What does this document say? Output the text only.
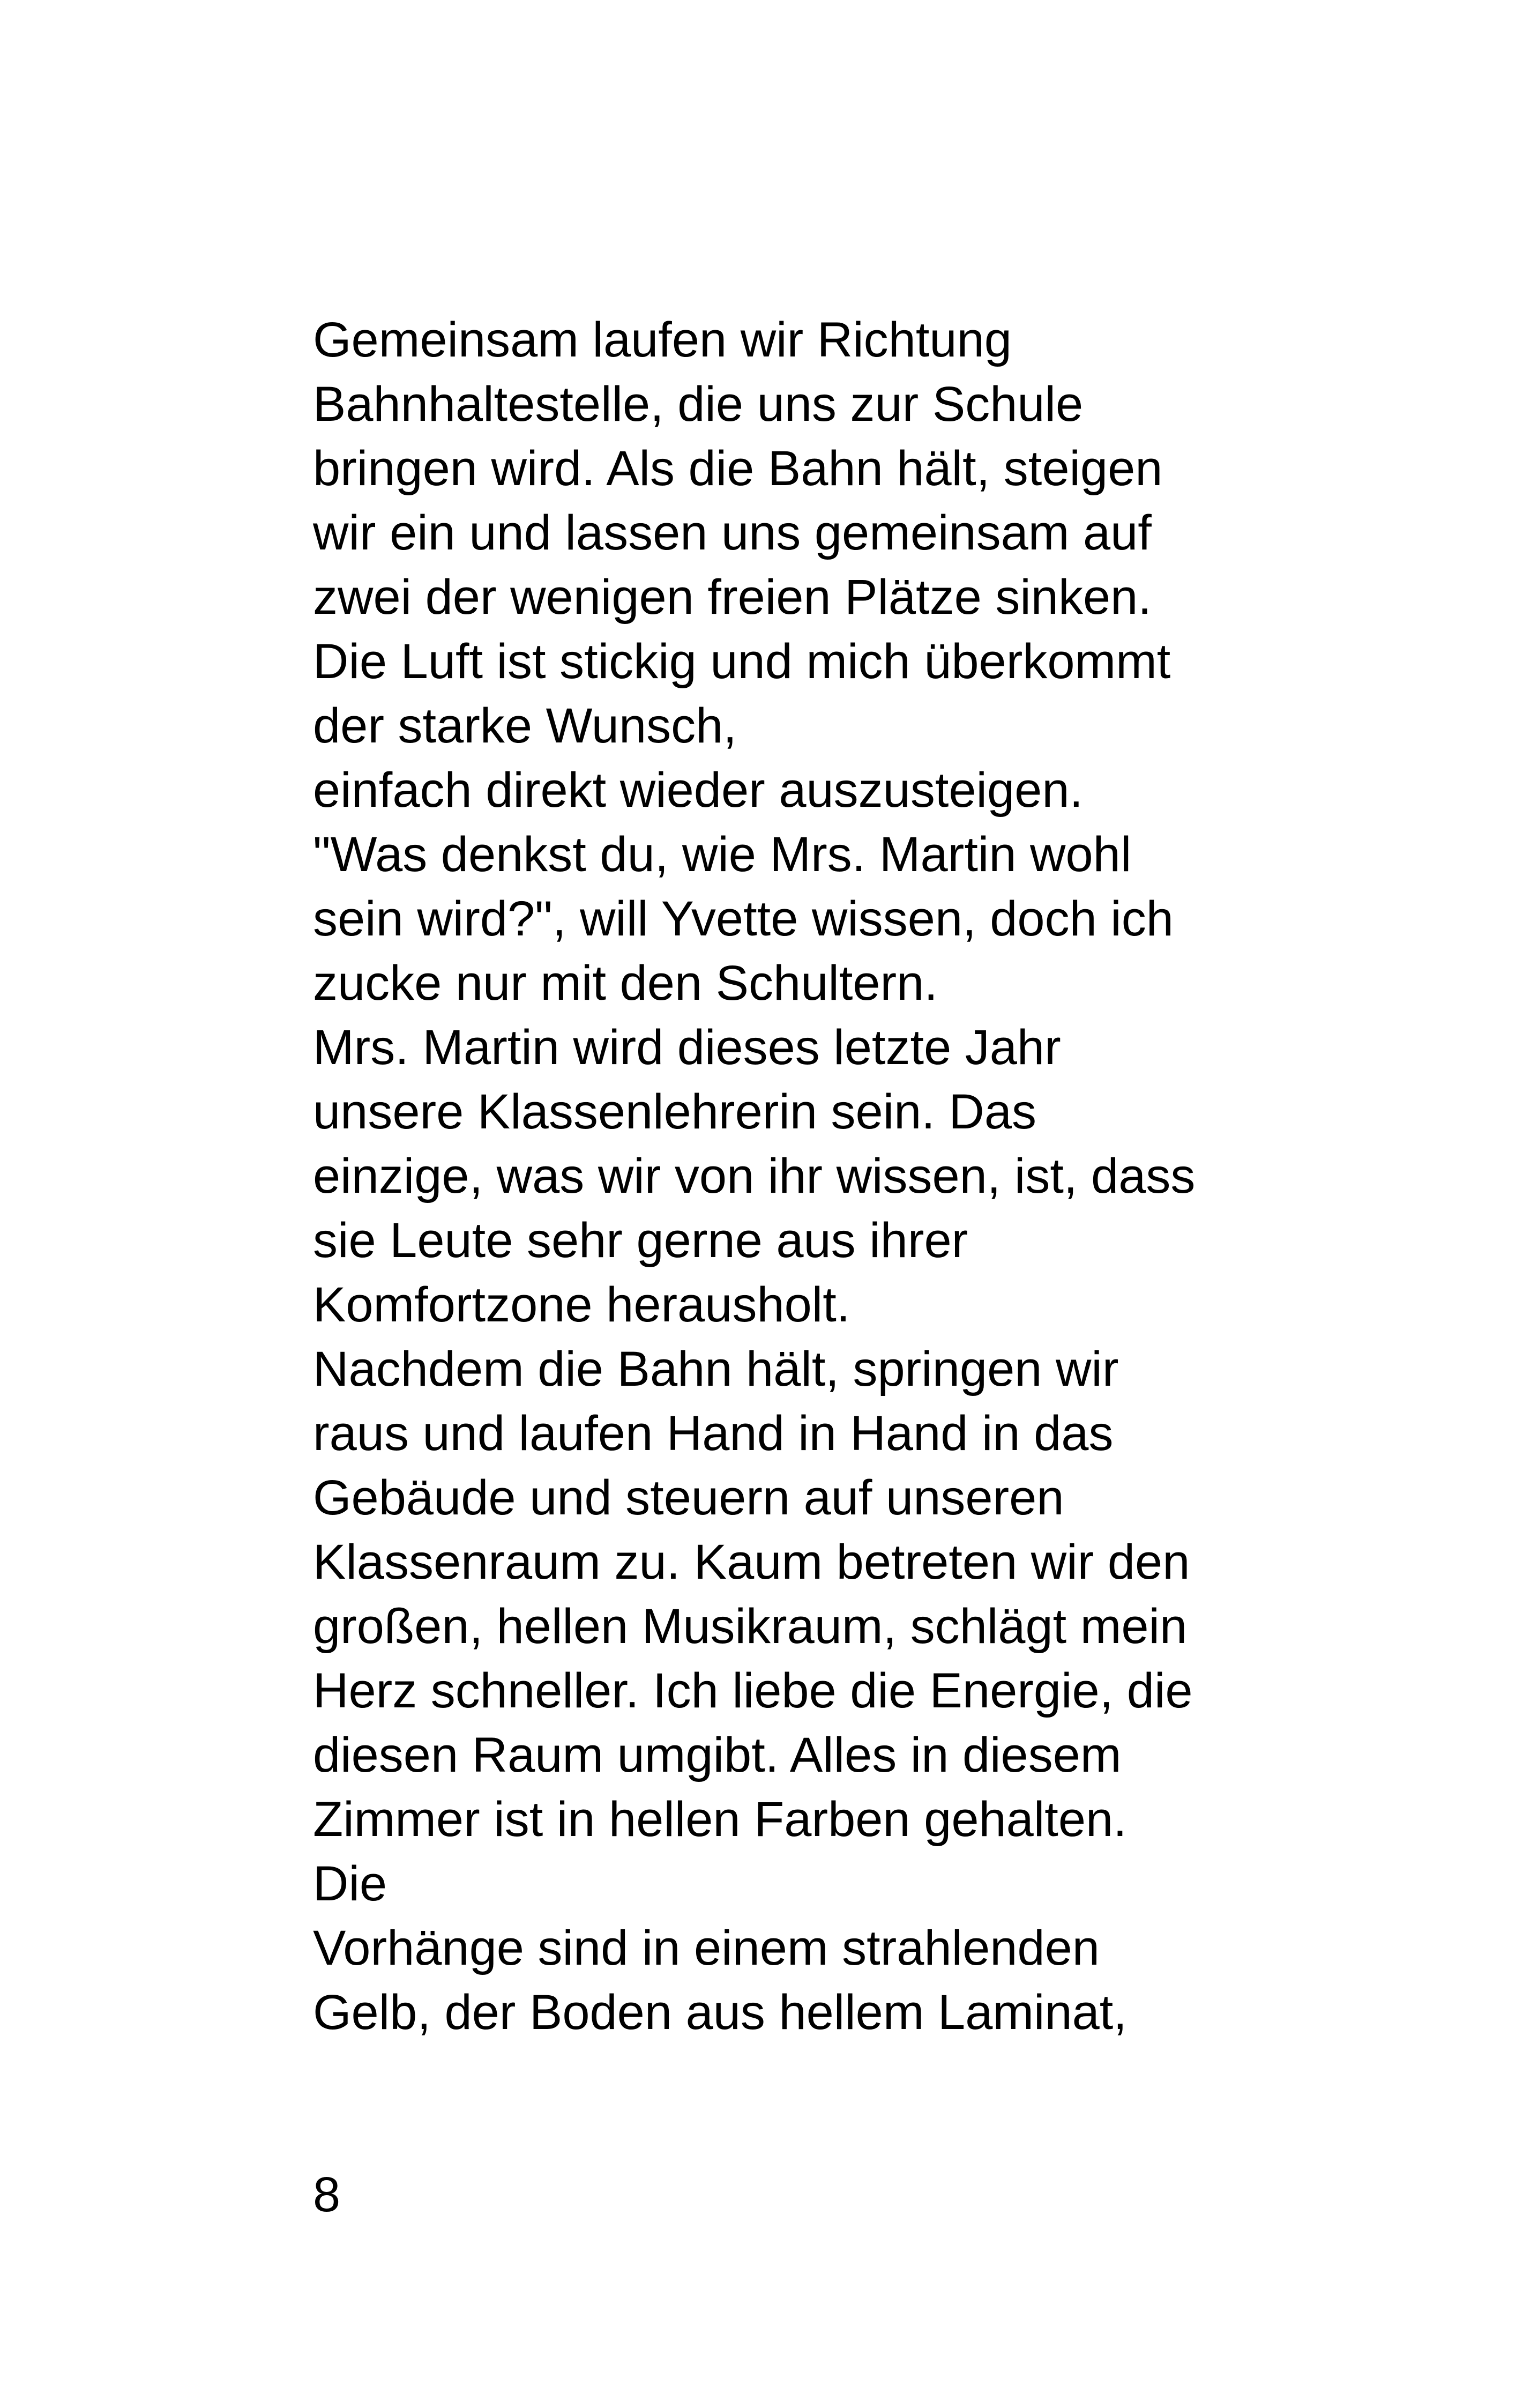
Gemeinsam laufen wir Richtung
Bahnhaltestelle, die uns zur Schule
bringen wird. Als die Bahn hält, steigen
wir ein und lassen uns gemeinsam auf
zwei der wenigen freien Plätze sinken.
Die Luft ist stickig und mich überkommt
der starke Wunsch,
einfach direkt wieder auszusteigen.
"Was denkst du, wie Mrs. Martin wohl
sein wird?", will Yvette wissen, doch ich
zucke nur mit den Schultern.
Mrs. Martin wird dieses letzte Jahr
unsere Klassenlehrerin sein. Das
einzige, was wir von ihr wissen, ist, dass
sie Leute sehr gerne aus ihrer
Komfortzone herausholt.
Nachdem die Bahn hält, springen wir
raus und laufen Hand in Hand in das
Gebäude und steuern auf unseren
Klassenraum zu. Kaum betreten wir den
großen, hellen Musikraum, schlägt mein
Herz schneller. Ich liebe die Energie, die
diesen Raum umgibt. Alles in diesem
Zimmer ist in hellen Farben gehalten.
Die
Vorhänge sind in einem strahlenden
Gelb, der Boden aus hellem Laminat,
8
